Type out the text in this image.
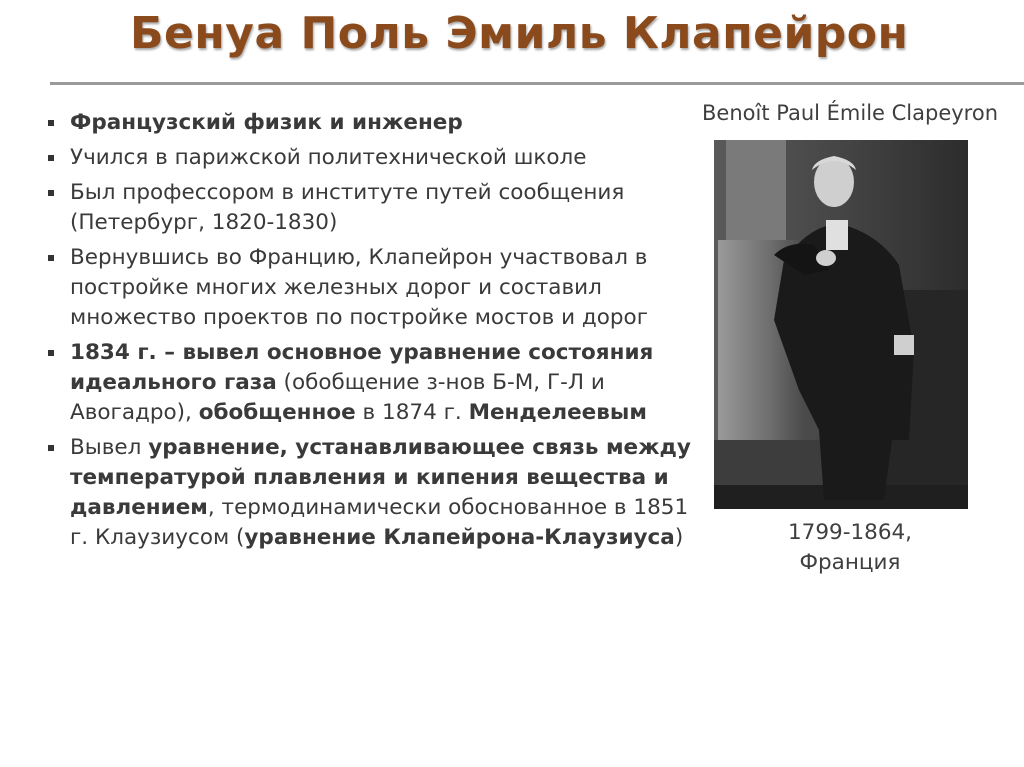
Бенуа Поль Эмиль Клапейрон
Benoît Paul Émile Clapeyron
Французский физик и инженер
Учился в парижской политехнической школе
Был профессором в институте путей сообщения (Петербург, 1820-1830)
Вернувшись во Францию, Клапейрон участвовал в постройке многих железных дорог и составил множество проектов по постройке мостов и дорог
1834 г. – вывел основное уравнение состояния идеального газа (обобщение з-нов Б-М, Г-Л и Авогадро), обобщенное в 1874 г. Менделеевым
Вывел уравнение, устанавливающее связь между температурой плавления и кипения вещества и давлением, термодинамически обоснованное в 1851 г. Клаузиусом (уравнение Клапейрона-Клаузиуса)	1799-1864,
Франция
